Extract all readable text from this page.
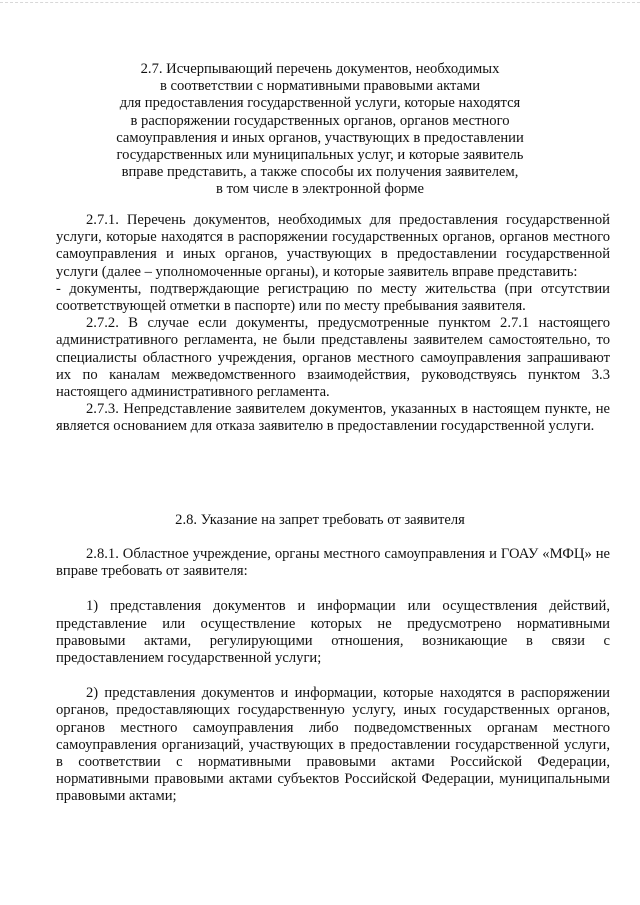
2.7. Исчерпывающий перечень документов, необходимых
в соответствии с нормативными правовыми актами
для предоставления государственной услуги, которые находятся
в распоряжении государственных органов, органов местного
самоуправления и иных органов, участвующих в предоставлении
государственных или муниципальных услуг, и которые заявитель
вправе представить, а также способы их получения заявителем,
в том числе в электронной форме

2.7.1. Перечень документов, необходимых для предоставления государственной услуги, которые находятся в распоряжении государственных органов, органов местного самоуправления и иных органов, участвующих в предоставлении государственной услуги (далее – уполномоченные органы), и которые заявитель вправе представить:

- документы, подтверждающие регистрацию по месту жительства (при отсутствии соответствующей отметки в паспорте) или по месту пребывания заявителя.

2.7.2. В случае если документы, предусмотренные пунктом 2.7.1 настоящего административного регламента, не были представлены заявителем самостоятельно, то специалисты областного учреждения, органов местного самоуправления запрашивают их по каналам межведомственного взаимодействия, руководствуясь пунктом 3.3 настоящего административного регламента.

2.7.3. Непредставление заявителем документов, указанных в настоящем пункте, не является основанием для отказа заявителю в предоставлении государственной услуги.

2.8. Указание на запрет требовать от заявителя

2.8.1. Областное учреждение, органы местного самоуправления и ГОАУ «МФЦ» не вправе требовать от заявителя:

1) представления документов и информации или осуществления действий, представление или осуществление которых не предусмотрено нормативными правовыми актами, регулирующими отношения, возникающие в связи с предоставлением государственной услуги;

2) представления документов и информации, которые находятся в распоряжении органов, предоставляющих государственную услугу, иных государственных органов, органов местного самоуправления либо подведомственных органам местного самоуправления организаций, участвующих в предоставлении государственной услуги, в соответствии с нормативными правовыми актами Российской Федерации, нормативными правовыми актами субъектов Российской Федерации, муниципальными правовыми актами;
